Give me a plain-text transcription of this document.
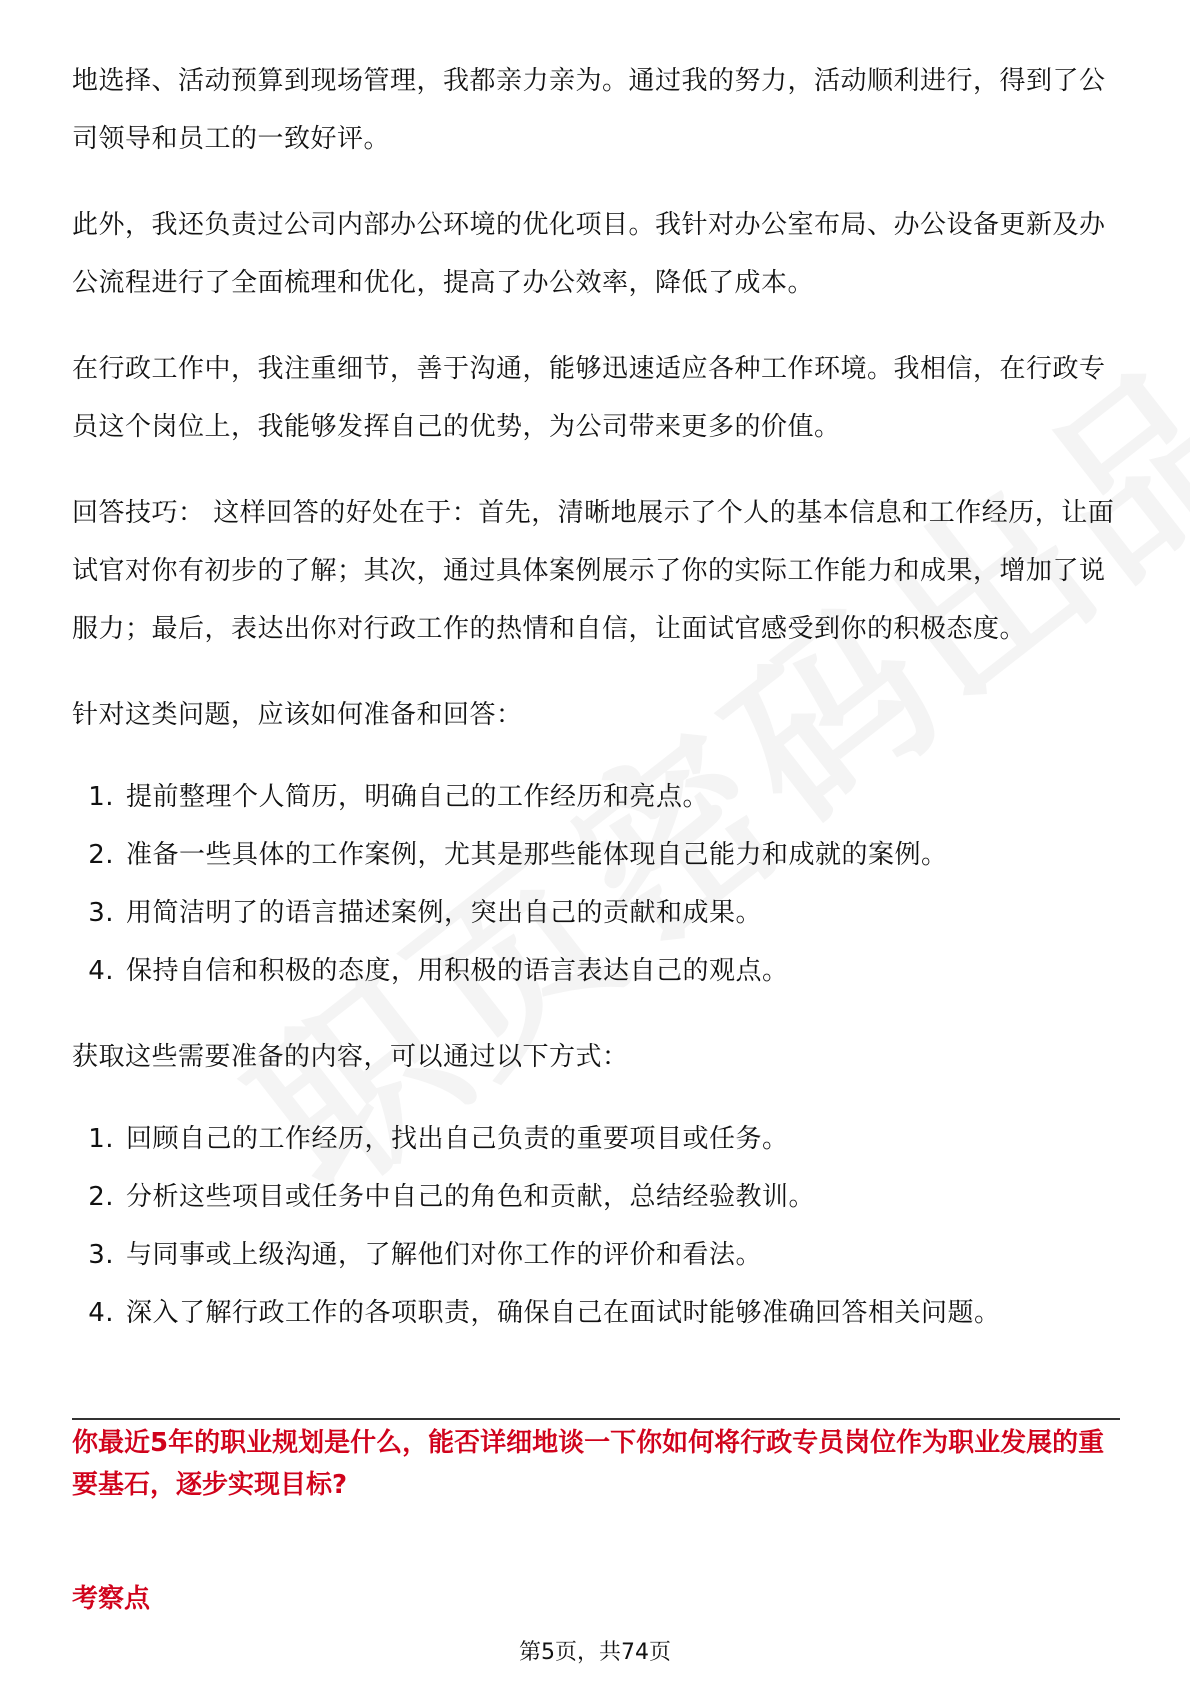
地选择、活动预算到现场管理，我都亲力亲为。通过我的努力，活动顺利进行，得到了公司领导和员工的一致好评。

此外，我还负责过公司内部办公环境的优化项目。我针对办公室布局、办公设备更新及办公流程进行了全面梳理和优化，提高了办公效率，降低了成本。

在行政工作中，我注重细节，善于沟通，能够迅速适应各种工作环境。我相信，在行政专员这个岗位上，我能够发挥自己的优势，为公司带来更多的价值。

回答技巧： 这样回答的好处在于：首先，清晰地展示了个人的基本信息和工作经历，让面试官对你有初步的了解；其次，通过具体案例展示了你的实际工作能力和成果，增加了说服力；最后，表达出你对行政工作的热情和自信，让面试官感受到你的积极态度。

针对这类问题，应该如何准备和回答：

1. 提前整理个人简历，明确自己的工作经历和亮点。
2. 准备一些具体的工作案例，尤其是那些能体现自己能力和成就的案例。
3. 用简洁明了的语言描述案例，突出自己的贡献和成果。
4. 保持自信和积极的态度，用积极的语言表达自己的观点。

获取这些需要准备的内容，可以通过以下方式：

1. 回顾自己的工作经历，找出自己负责的重要项目或任务。
2. 分析这些项目或任务中自己的角色和贡献，总结经验教训。
3. 与同事或上级沟通，了解他们对你工作的评价和看法。
4. 深入了解行政工作的各项职责，确保自己在面试时能够准确回答相关问题。

你最近5年的职业规划是什么，能否详细地谈一下你如何将行政专员岗位作为职业发展的重要基石，逐步实现目标?

考察点

第5页，共74页
